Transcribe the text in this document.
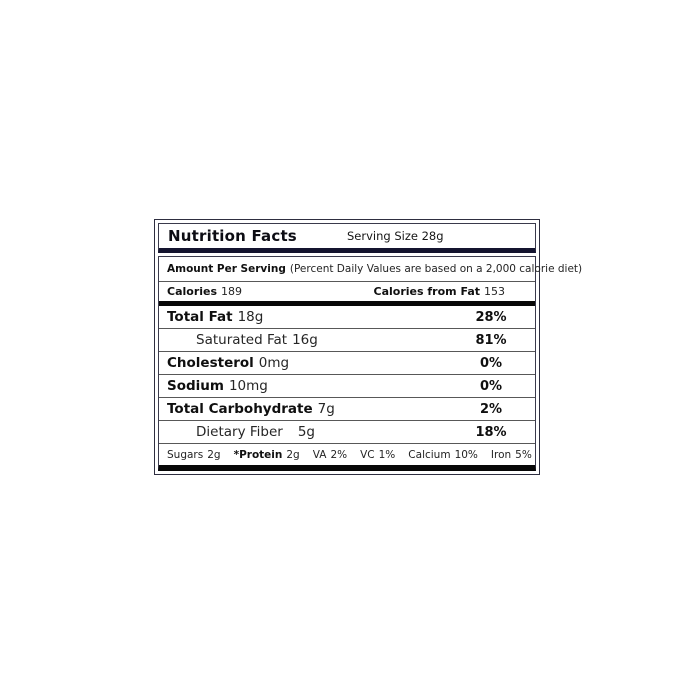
Nutrition Facts	Serving Size 28g
Amount Per Serving (Percent Daily Values are based on a 2,000 calorie diet)
Calories 189	Calories from Fat 153
Total Fat 18g	28%
Saturated Fat 16g	81%
Cholesterol 0mg	0%
Sodium 10mg	0%
Total Carbohydrate 7g	2%
Dietary Fiber 5g	18%
Sugars 2g *Protein 2g VA 2% VC 1% Calcium 10% Iron 5%
